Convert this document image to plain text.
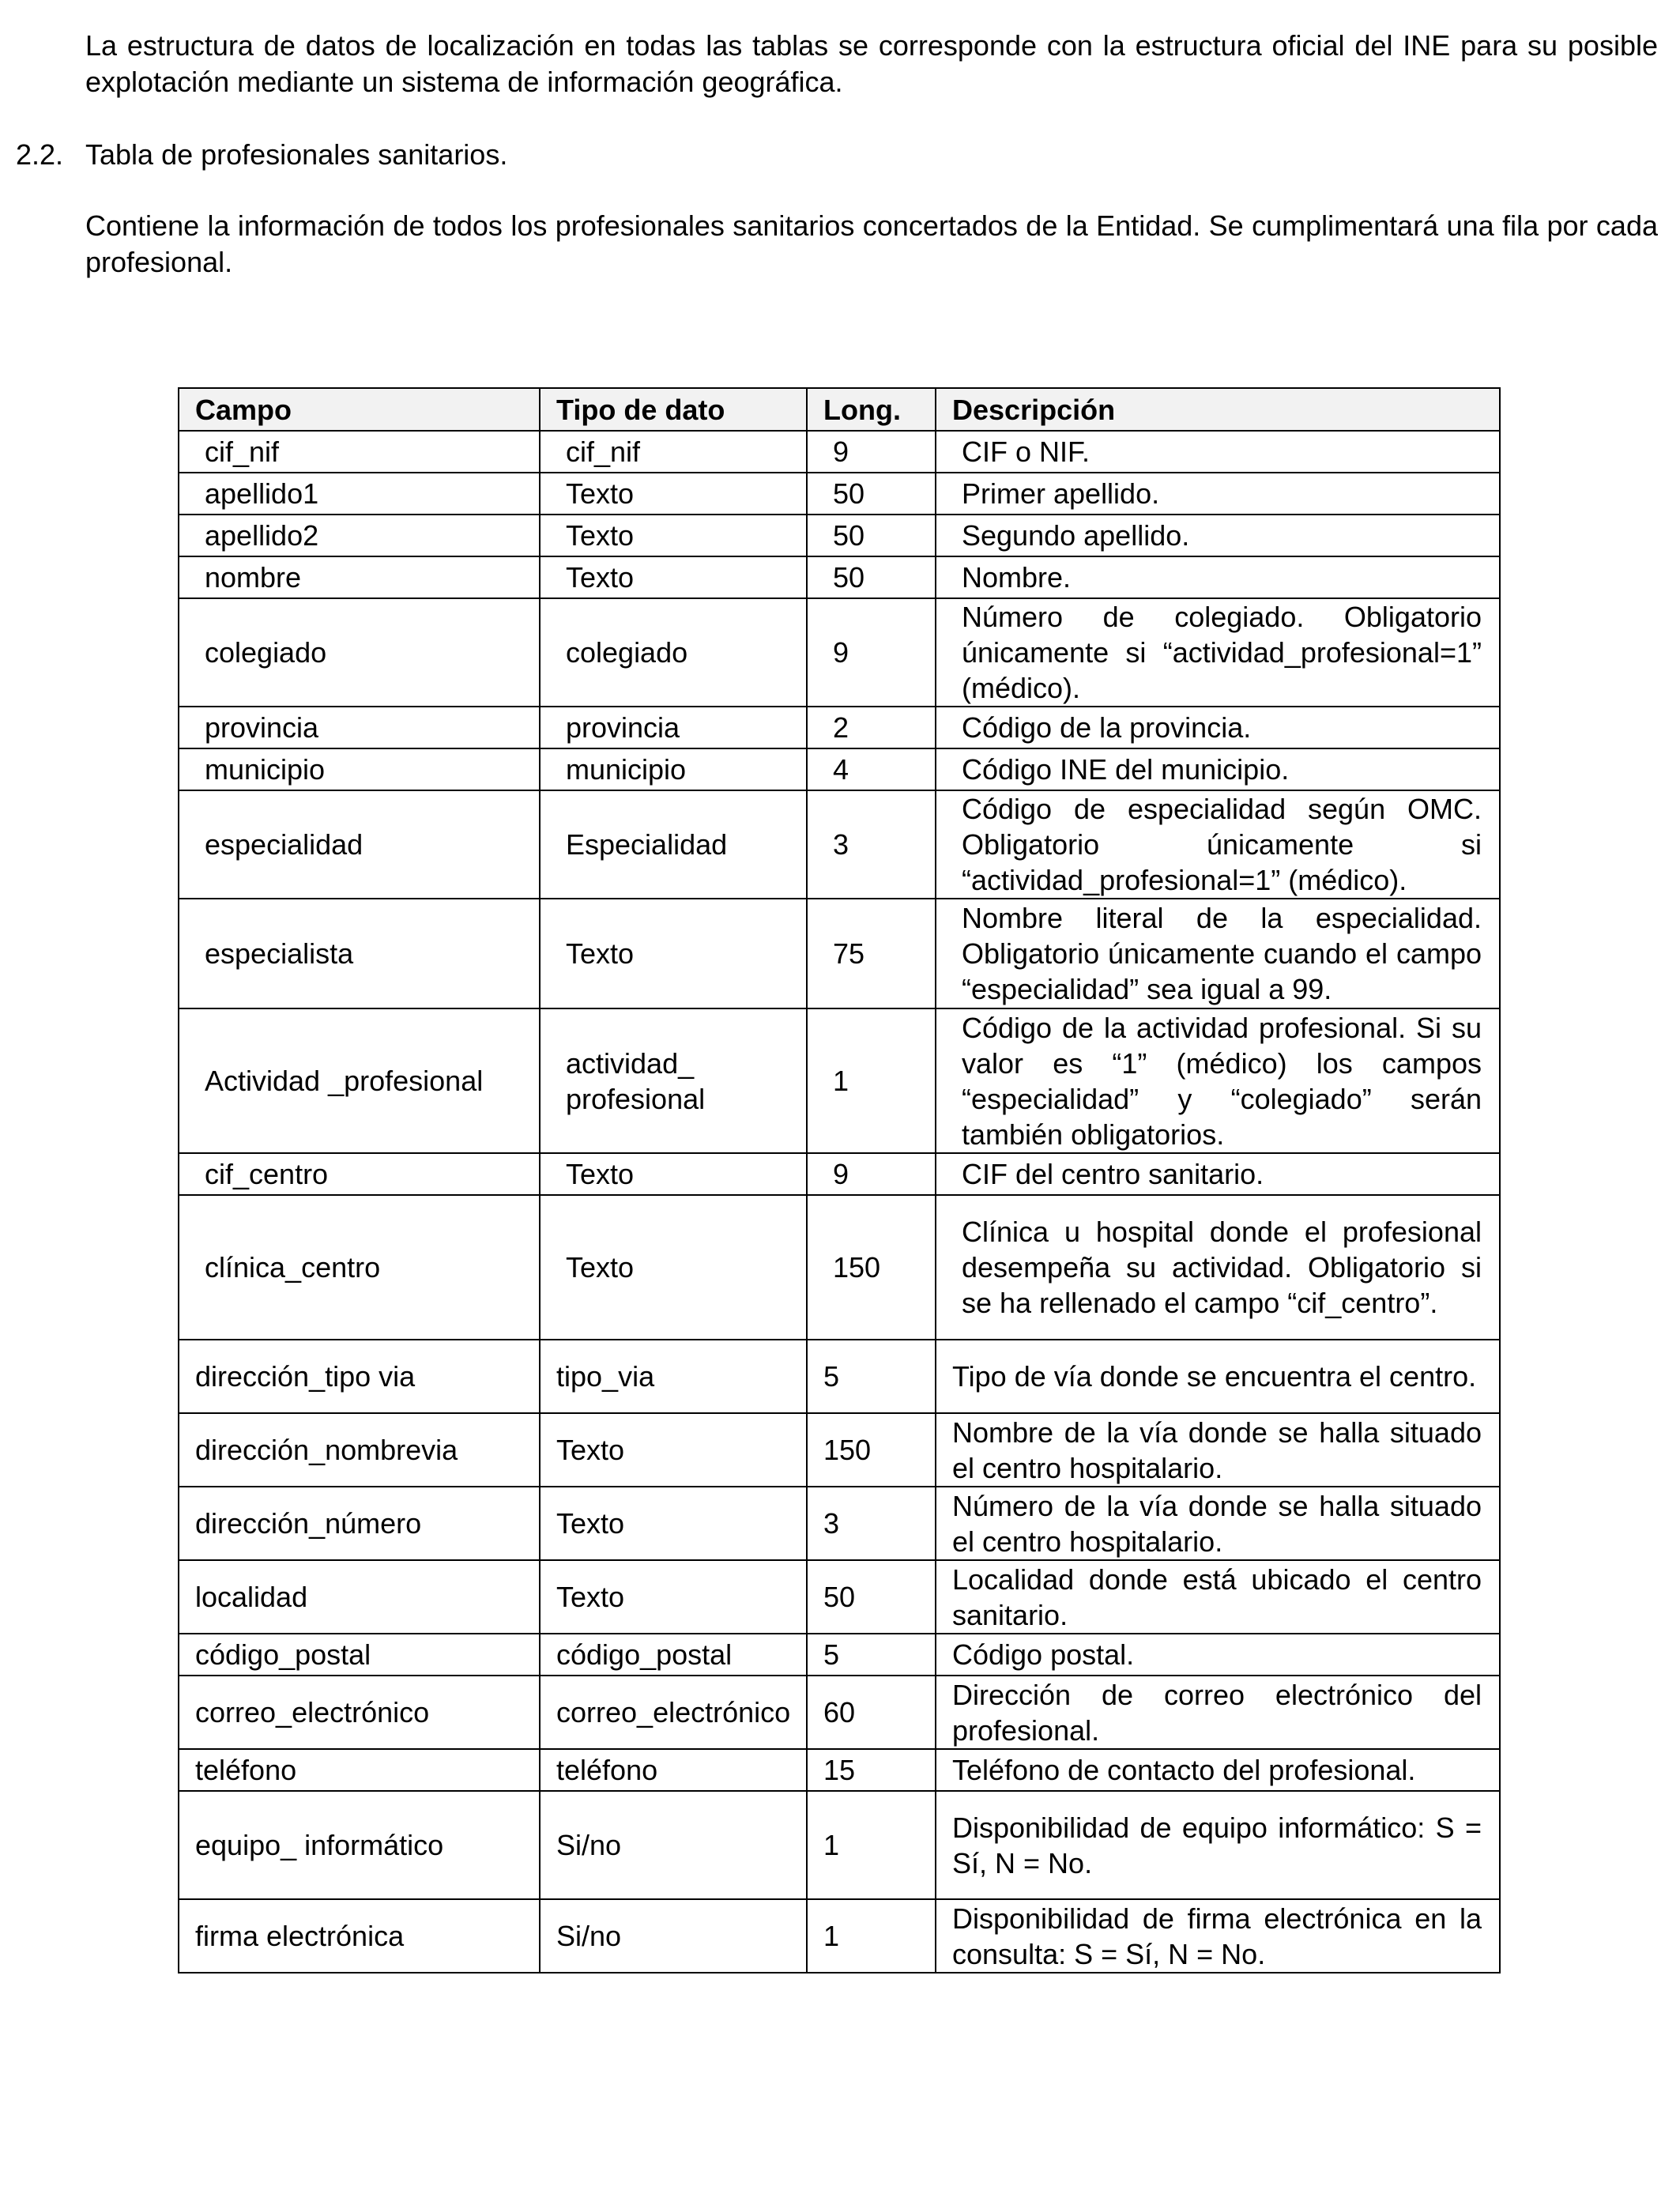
La estructura de datos de localización en todas las tablas se corresponde con la estructura oficial del INE para su posible explotación mediante un sistema de información geográfica.
2.2. Tabla de profesionales sanitarios.
Contiene la información de todos los profesionales sanitarios concertados de la Entidad. Se cumplimentará una fila por cada profesional.
Campo	Tipo de dato	Long.	Descripción
cif_nif	cif_nif	9	CIF o NIF.
apellido1	Texto	50	Primer apellido.
apellido2	Texto	50	Segundo apellido.
nombre	Texto	50	Nombre.
colegiado	colegiado	9	Número de colegiado. Obligatorio únicamente si “actividad_profesional=1” (médico).
provincia	provincia	2	Código de la provincia.
municipio	municipio	4	Código INE del municipio.
especialidad	Especialidad	3	Código de especialidad según OMC. Obligatorio únicamente si “actividad_profesional=1” (médico).
especialista	Texto	75	Nombre literal de la especialidad. Obligatorio únicamente cuando el campo “especialidad” sea igual a 99.
Actividad _profesional	actividad_ profesional	1	Código de la actividad profesional. Si su valor es “1” (médico) los campos “especialidad” y “colegiado” serán también obligatorios.
cif_centro	Texto	9	CIF del centro sanitario.
clínica_centro	Texto	150	Clínica u hospital donde el profesional desempeña su actividad. Obligatorio si se ha rellenado el campo “cif_centro”.
dirección_tipo via	tipo_via	5	Tipo de vía donde se encuentra el centro.
dirección_nombrevia	Texto	150	Nombre de la vía donde se halla situado el centro hospitalario.
dirección_número	Texto	3	Número de la vía donde se halla situado el centro hospitalario.
localidad	Texto	50	Localidad donde está ubicado el centro sanitario.
código_postal	código_postal	5	Código postal.
correo_electrónico	correo_electrónico	60	Dirección de correo electrónico del profesional.
teléfono	teléfono	15	Teléfono de contacto del profesional.
equipo_ informático	Si/no	1	Disponibilidad de equipo informático: S = Sí, N = No.
firma electrónica	Si/no	1	Disponibilidad de firma electrónica en la consulta: S = Sí, N = No.
